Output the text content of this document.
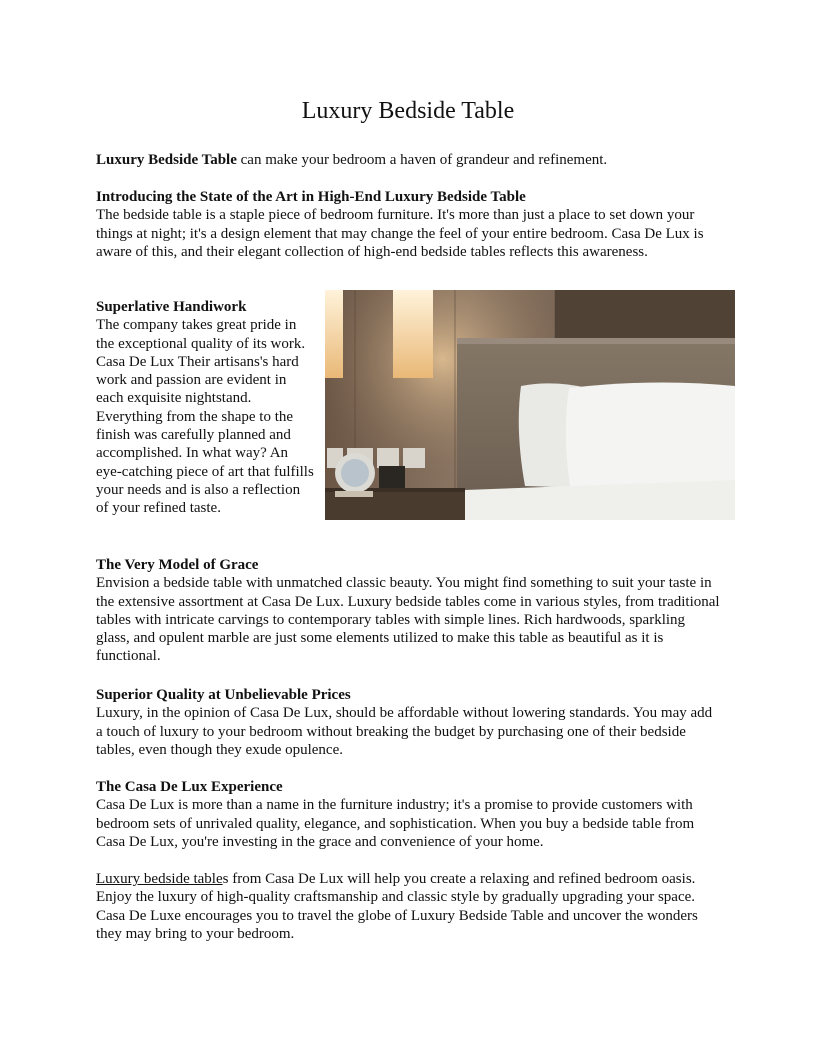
Luxury Bedside Table

Luxury Bedside Table can make your bedroom a haven of grandeur and refinement.

Introducing the State of the Art in High-End Luxury Bedside Table

The bedside table is a staple piece of bedroom furniture. It's more than just a place to set down your things at night; it's a design element that may change the feel of your entire bedroom. Casa De Lux is aware of this, and their elegant collection of high-end bedside tables reflects this awareness.

Superlative Handiwork

The company takes great pride in the exceptional quality of its work. Casa De Lux Their artisans's hard work and passion are evident in each exquisite nightstand. Everything from the shape to the finish was carefully planned and accomplished. In what way? An eye-catching piece of art that fulfills your needs and is also a reflection of your refined taste.

The Very Model of Grace

Envision a bedside table with unmatched classic beauty. You might find something to suit your taste in the extensive assortment at Casa De Lux. Luxury bedside tables come in various styles, from traditional tables with intricate carvings to contemporary tables with simple lines. Rich hardwoods, sparkling glass, and opulent marble are just some elements utilized to make this table as beautiful as it is functional.

Superior Quality at Unbelievable Prices

Luxury, in the opinion of Casa De Lux, should be affordable without lowering standards. You may add a touch of luxury to your bedroom without breaking the budget by purchasing one of their bedside tables, even though they exude opulence.

The Casa De Lux Experience

Casa De Lux is more than a name in the furniture industry; it's a promise to provide customers with bedroom sets of unrivaled quality, elegance, and sophistication. When you buy a bedside table from Casa De Lux, you're investing in the grace and convenience of your home.

Luxury bedside tables from Casa De Lux will help you create a relaxing and refined bedroom oasis. Enjoy the luxury of high-quality craftsmanship and classic style by gradually upgrading your space. Casa De Luxe encourages you to travel the globe of Luxury Bedside Table and uncover the wonders they may bring to your bedroom.
